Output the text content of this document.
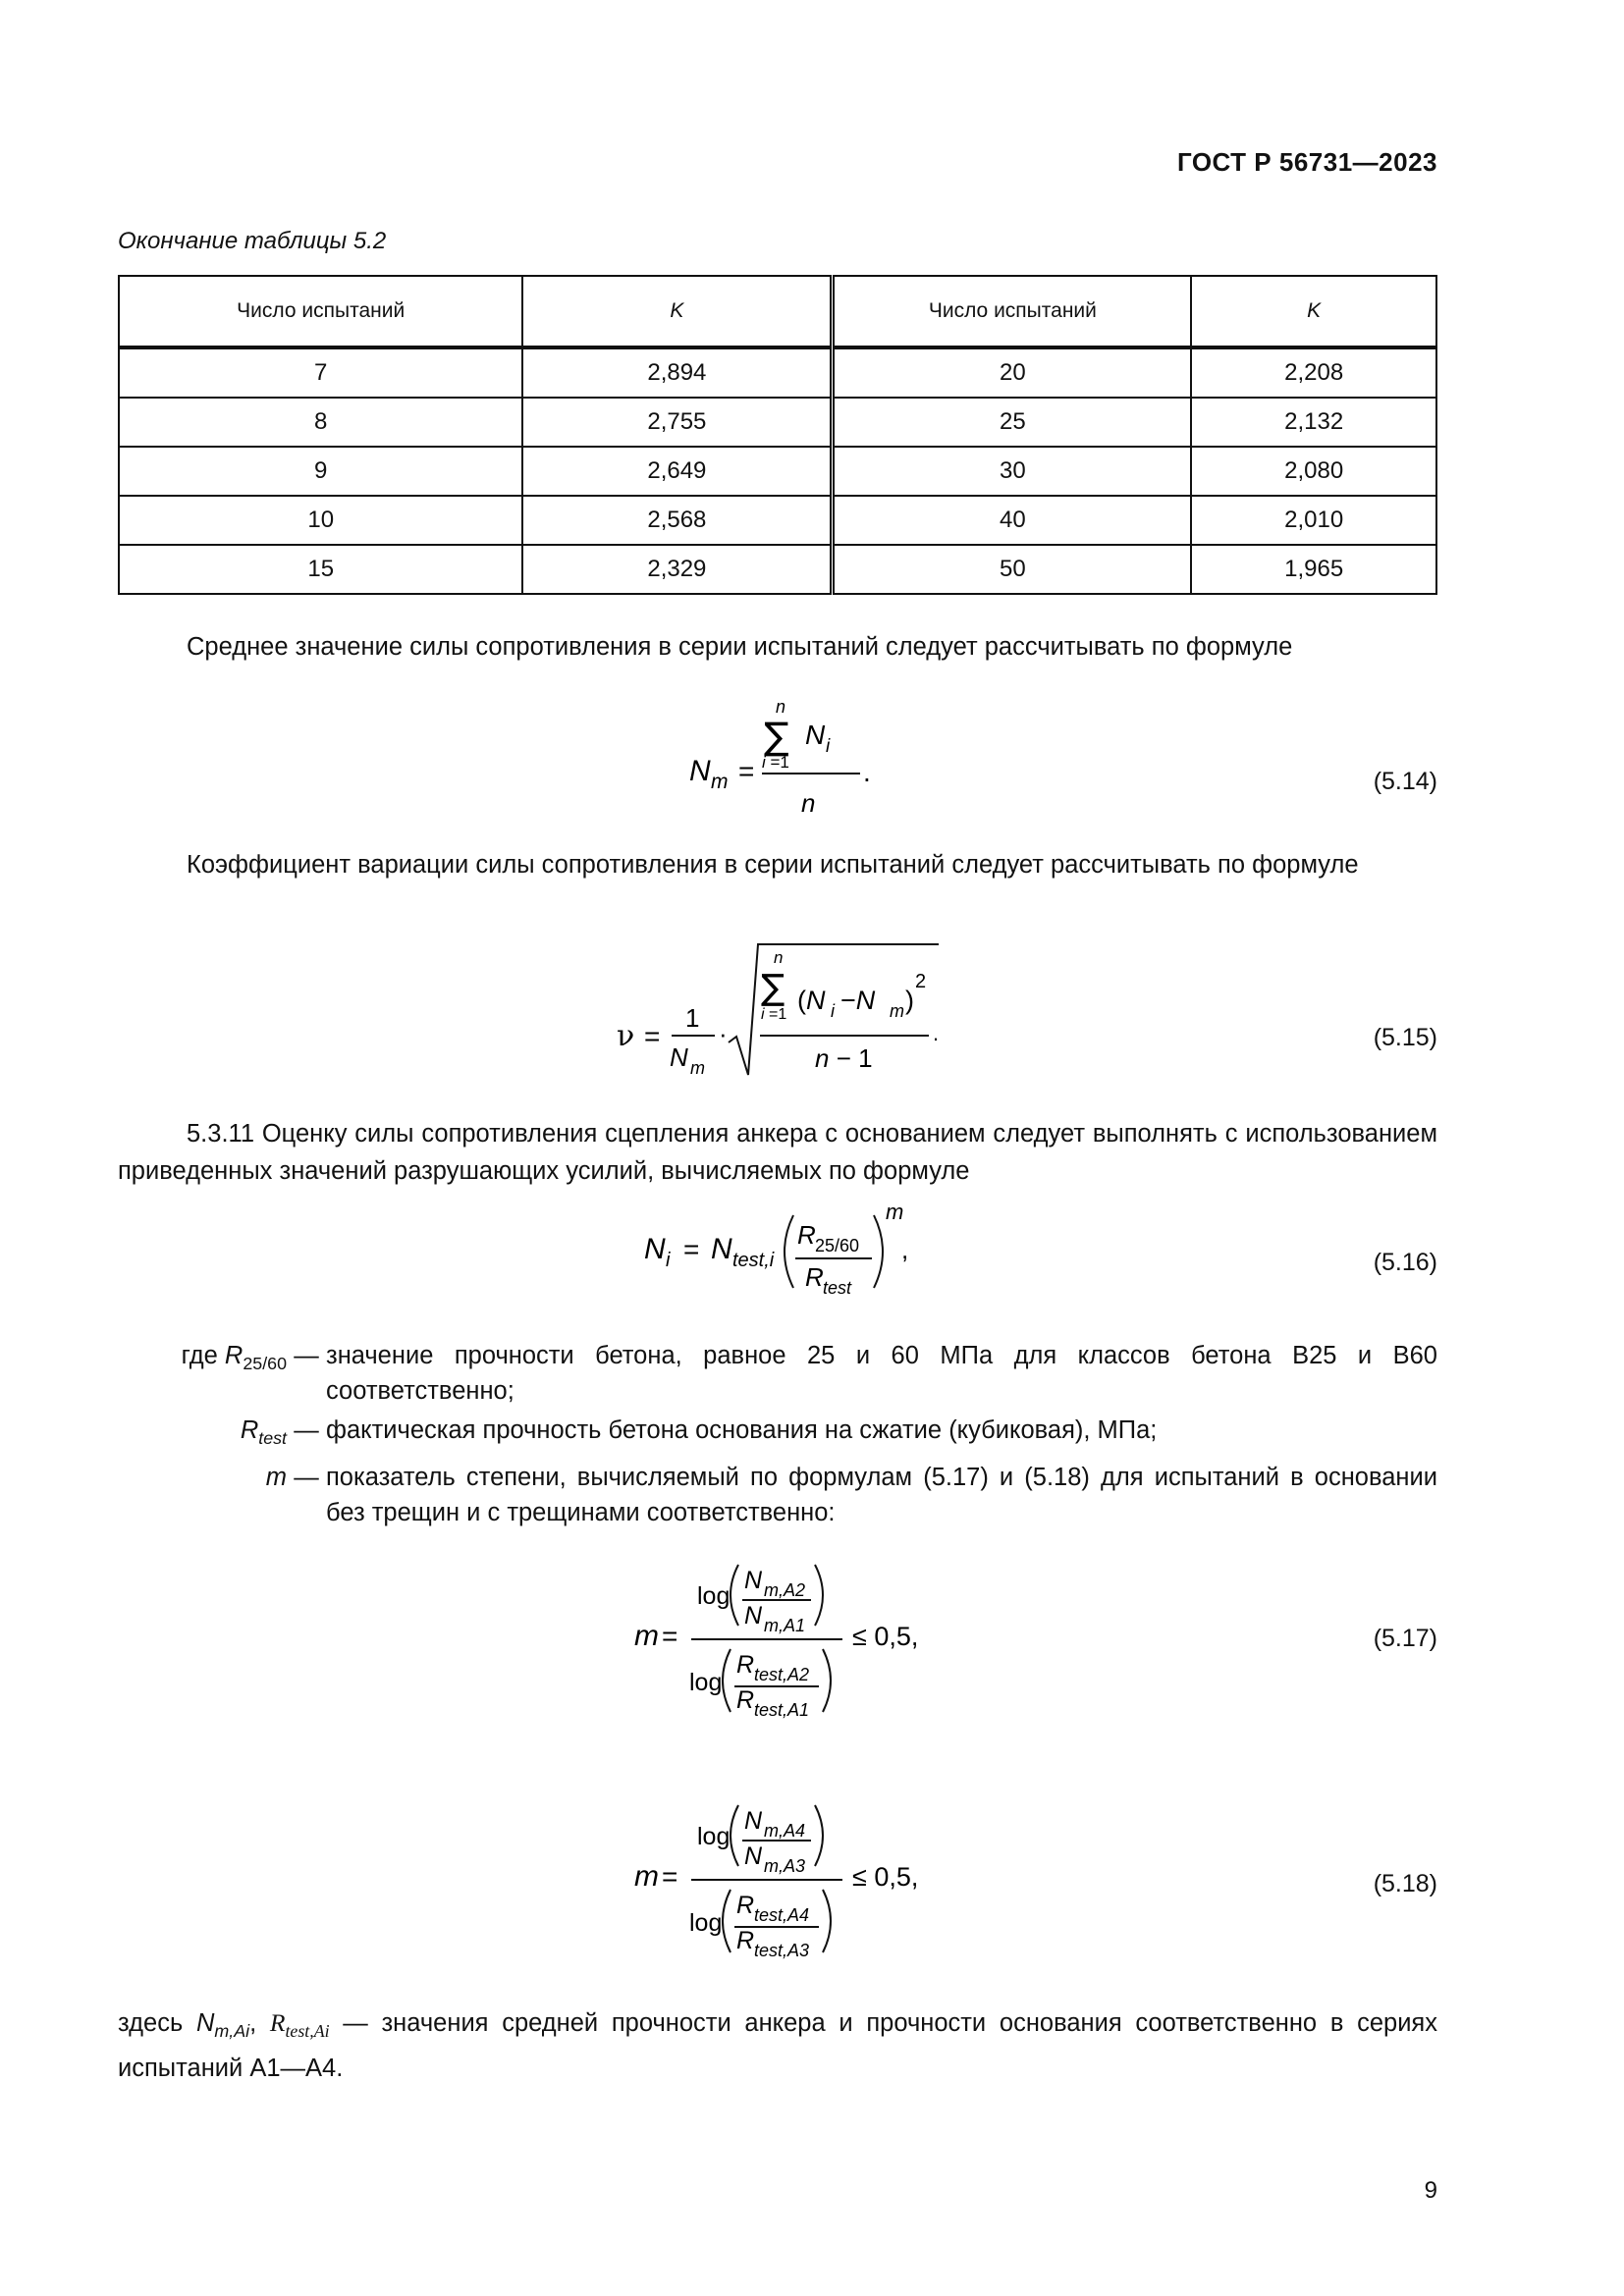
ГОСТ Р 56731—2023
Окончание таблицы 5.2
Число испытаний	K	Число испытаний	K
7	2,894	20	2,208
8	2,755	25	2,132
9	2,649	30	2,080
10	2,568	40	2,010
15	2,329	50	1,965
Среднее значение силы сопротивления в серии испытаний следует рассчитывать по формуле
N m =
n
∑
i =1
N i
.
n
(5.14)
Коэффициент вариации силы сопротивления в серии испытаний следует рассчитывать по формуле
ν =
1
N m
·
n
∑
i =1 (N i −N m )
2
n − 1
.	(5.15)
5.3.11 Оценку силы сопротивления сцепления анкера с основанием следует выполнять с использованием приведенных значений разрушающих усилий, вычисляемых по формуле
N i = N test,i
R 25/60
R test
m
,	(5.16)
где $R_{25/60}$ — значение прочности бетона, равное 25 и 60 МПа для классов бетона В25 и В60 соответственно;
$R_{test}$ — фактическая прочность бетона основания на сжатие (кубиковая), МПа;
m — показатель степени, вычисляемый по формулам (5.17) и (5.18) для испытаний в основании без трещин и с трещинами соответственно:
m =
log
N m,A2
N m,A1
log
R test,A2
R test,A1
≤ 0,5,	(5.17)
m =
log
N m,A4
N m,A3
log
R test,A4
R test,A3
≤ 0,5,	(5.18)
здесь $N_{m,Ai}$, $R_{test,Ai}$ — значения средней прочности анкера и прочности основания соответственно в сериях испытаний А1—А4.
9
